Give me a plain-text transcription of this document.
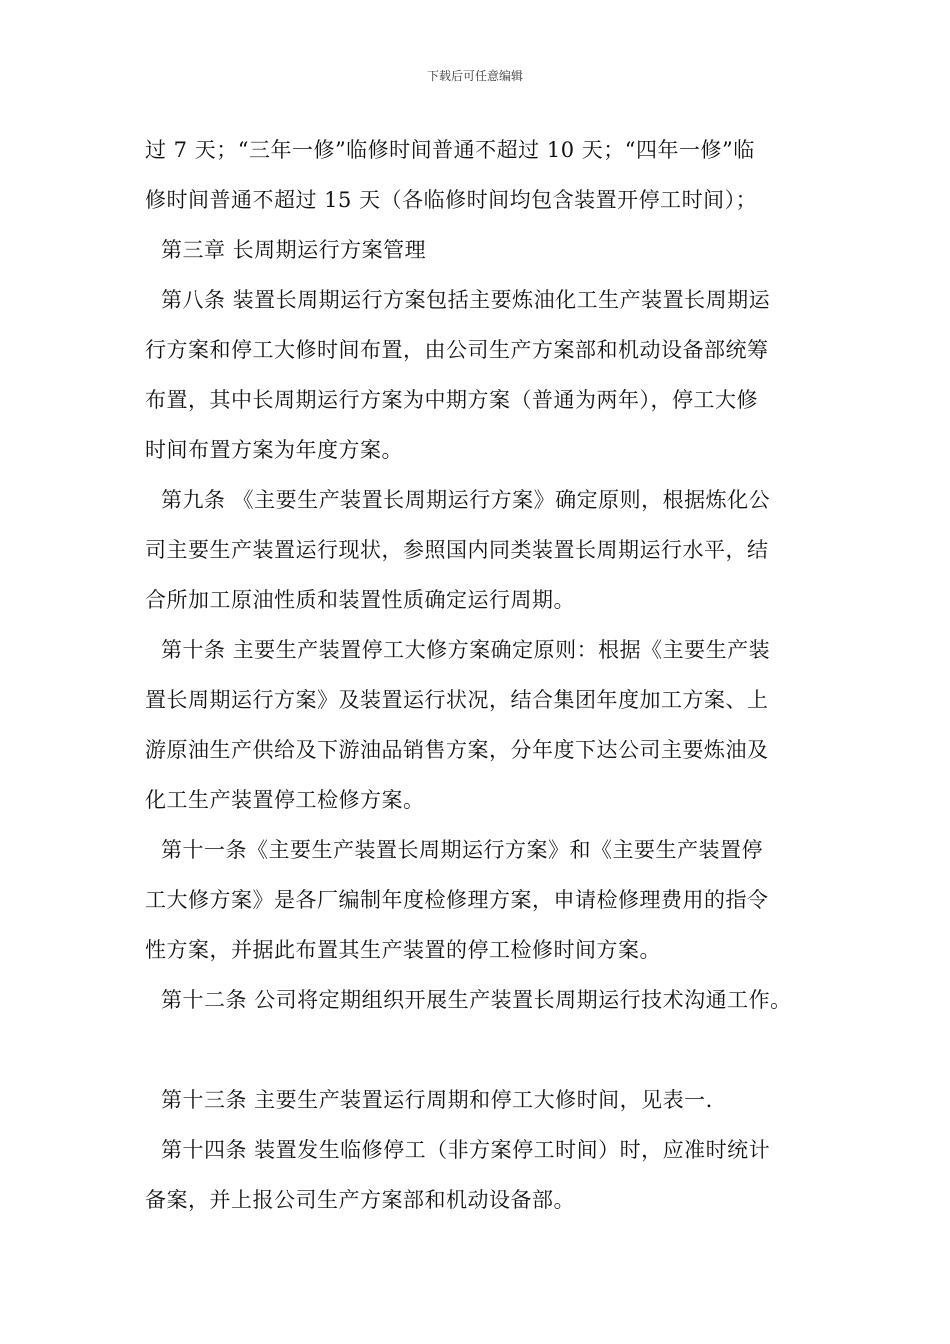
下载后可任意编辑
过 7 天；“三年一修”临修时间普通不超过 10 天；“四年一修”临
修时间普通不超过 15 天（各临修时间均包含装置开停工时间）；
第三章 长周期运行方案管理
第八条 装置长周期运行方案包括主要炼油化工生产装置长周期运
行方案和停工大修时间布置，由公司生产方案部和机动设备部统筹
布置，其中长周期运行方案为中期方案（普通为两年），停工大修
时间布置方案为年度方案。
第九条 《主要生产装置长周期运行方案》确定原则，根据炼化公
司主要生产装置运行现状，参照国内同类装置长周期运行水平，结
合所加工原油性质和装置性质确定运行周期。
第十条 主要生产装置停工大修方案确定原则：根据《主要生产装
置长周期运行方案》及装置运行状况，结合集团年度加工方案、上
游原油生产供给及下游油品销售方案，分年度下达公司主要炼油及
化工生产装置停工检修方案。
第十一条《主要生产装置长周期运行方案》和《主要生产装置停
工大修方案》是各厂编制年度检修理方案，申请检修理费用的指令
性方案，并据此布置其生产装置的停工检修时间方案。
第十二条 公司将定期组织开展生产装置长周期运行技术沟通工作。
第十三条 主要生产装置运行周期和停工大修时间，见表一.
第十四条 装置发生临修停工（非方案停工时间）时，应准时统计
备案，并上报公司生产方案部和机动设备部。
